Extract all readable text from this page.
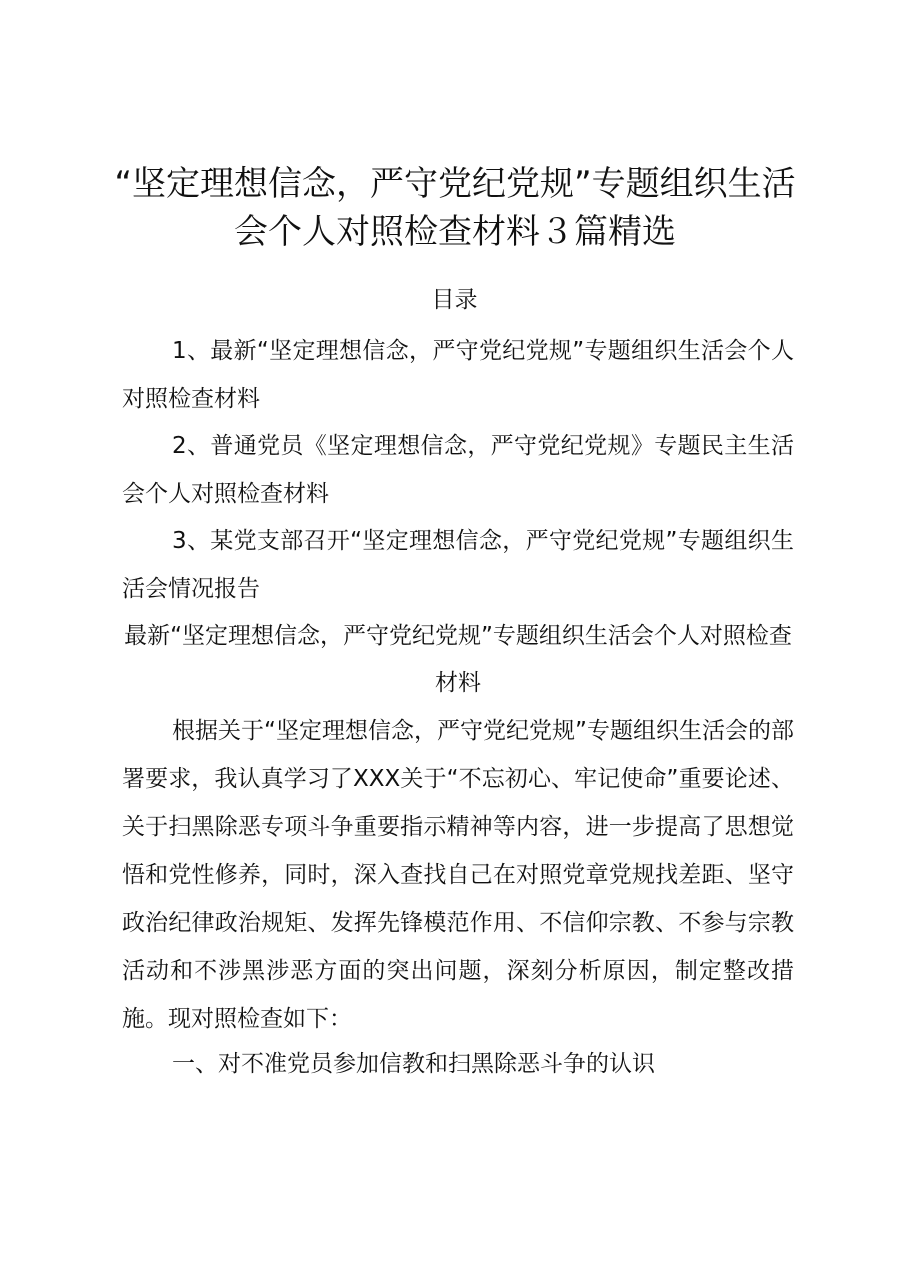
“坚定理想信念，严守党纪党规”专题组织生活会个人对照检查材料３篇精选
目录

1、最新“坚定理想信念，严守党纪党规”专题组织生活会个人对照检查材料

2、普通党员《坚定理想信念，严守党纪党规》专题民主生活会个人对照检查材料

3、某党支部召开“坚定理想信念，严守党纪党规”专题组织生活会情况报告

最新“坚定理想信念，严守党纪党规”专题组织生活会个人对照检查材料

根据关于“坚定理想信念，严守党纪党规”专题组织生活会的部署要求，我认真学习了XXX关于“不忘初心、牢记使命”重要论述、关于扫黑除恶专项斗争重要指示精神等内容，进一步提高了思想觉悟和党性修养，同时，深入查找自己在对照党章党规找差距、坚守政治纪律政治规矩、发挥先锋模范作用、不信仰宗教、不参与宗教活动和不涉黑涉恶方面的突出问题，深刻分析原因，制定整改措施。现对照检查如下：

一、对不准党员参加信教和扫黑除恶斗争的认识
